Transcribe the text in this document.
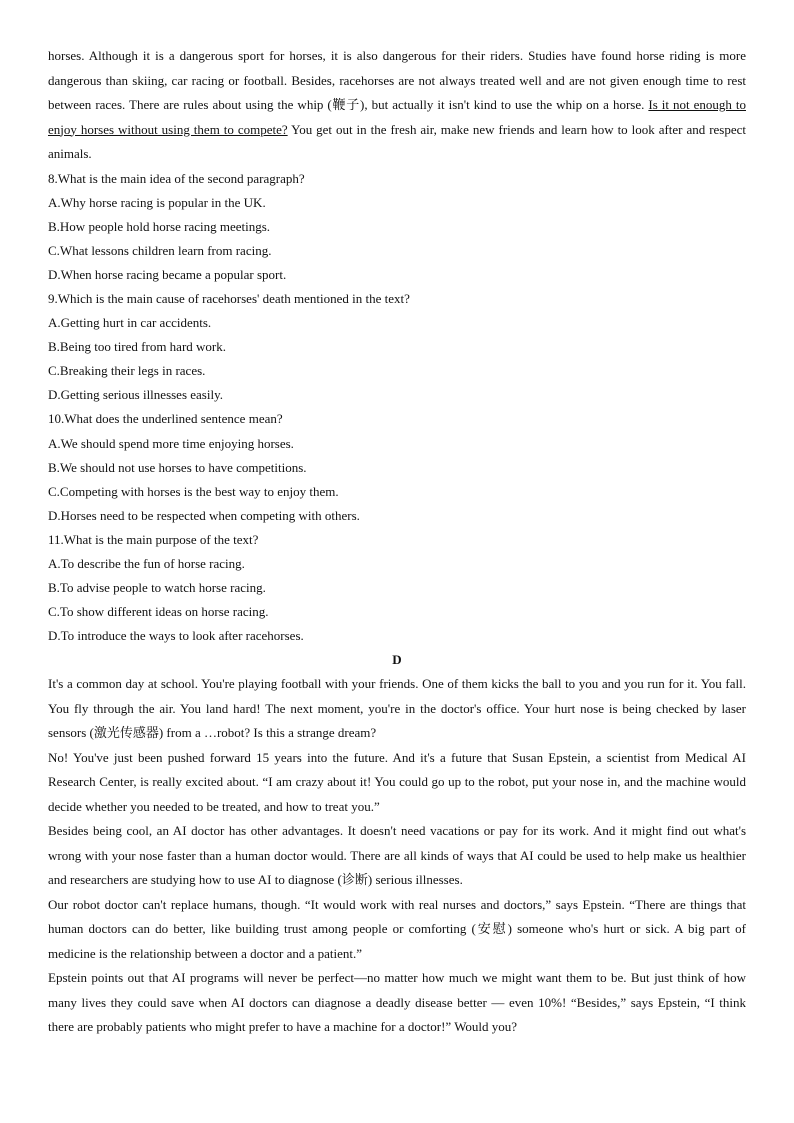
horses. Although it is a dangerous sport for horses, it is also dangerous for their riders. Studies have found horse riding is more dangerous than skiing, car racing or football. Besides, racehorses are not always treated well and are not given enough time to rest between races. There are rules about using the whip (鞭子), but actually it isn't kind to use the whip on a horse. Is it not enough to enjoy horses without using them to compete? You get out in the fresh air, make new friends and learn how to look after and respect animals.

8.What is the main idea of the second paragraph?

A.Why horse racing is popular in the UK.

B.How people hold horse racing meetings.

C.What lessons children learn from racing.

D.When horse racing became a popular sport.

9.Which is the main cause of racehorses' death mentioned in the text?

A.Getting hurt in car accidents.

B.Being too tired from hard work.

C.Breaking their legs in races.

D.Getting serious illnesses easily.

10.What does the underlined sentence mean?

A.We should spend more time enjoying horses.

B.We should not use horses to have competitions.

C.Competing with horses is the best way to enjoy them.

D.Horses need to be respected when competing with others.

11.What is the main purpose of the text?

A.To describe the fun of horse racing.

B.To advise people to watch horse racing.

C.To show different ideas on horse racing.

D.To introduce the ways to look after racehorses.

D

It's a common day at school. You're playing football with your friends. One of them kicks the ball to you and you run for it. You fall. You fly through the air. You land hard! The next moment, you're in the doctor's office. Your hurt nose is being checked by laser sensors (激光传感器) from a …robot? Is this a strange dream?

No! You've just been pushed forward 15 years into the future. And it's a future that Susan Epstein, a scientist from Medical AI Research Center, is really excited about. “I am crazy about it! You could go up to the robot, put your nose in, and the machine would decide whether you needed to be treated, and how to treat you.”

Besides being cool, an AI doctor has other advantages. It doesn't need vacations or pay for its work. And it might find out what's wrong with your nose faster than a human doctor would. There are all kinds of ways that AI could be used to help make us healthier and researchers are studying how to use AI to diagnose (诊断) serious illnesses.

Our robot doctor can't replace humans, though. “It would work with real nurses and doctors,” says Epstein. “There are things that human doctors can do better, like building trust among people or comforting (安慰) someone who's hurt or sick. A big part of medicine is the relationship between a doctor and a patient.”

Epstein points out that AI programs will never be perfect—no matter how much we might want them to be. But just think of how many lives they could save when AI doctors can diagnose a deadly disease better — even 10%! “Besides,” says Epstein, “I think there are probably patients who might prefer to have a machine for a doctor!” Would you?
